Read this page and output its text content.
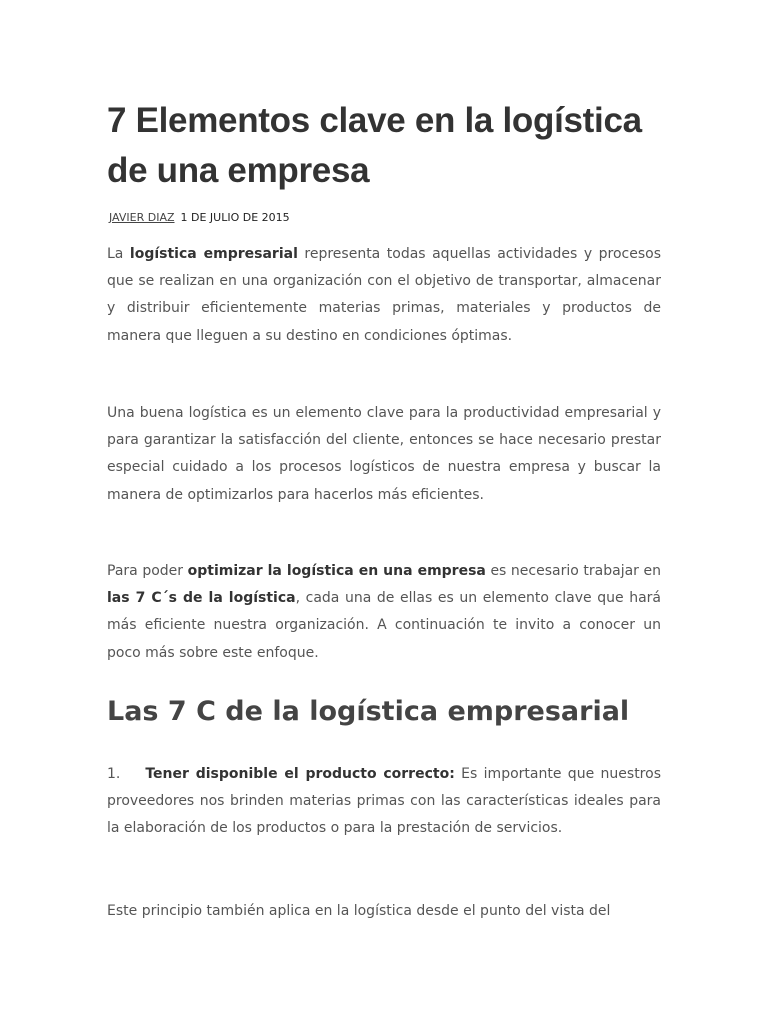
7 Elementos clave en la logística de una empresa
JAVIER DIAZ 1 DE JULIO DE 2015

La logística empresarial representa todas aquellas actividades y procesos que se realizan en una organización con el objetivo de transportar, almacenar y distribuir eficientemente materias primas, materiales y productos de manera que lleguen a su destino en condiciones óptimas.

Una buena logística es un elemento clave para la productividad empresarial y para garantizar la satisfacción del cliente, entonces se hace necesario prestar especial cuidado a los procesos logísticos de nuestra empresa y buscar la manera de optimizarlos para hacerlos más eficientes.

Para poder optimizar la logística en una empresa es necesario trabajar en las 7 C´s de la logística, cada una de ellas es un elemento clave que hará más eficiente nuestra organización. A continuación te invito a conocer un poco más sobre este enfoque.

Las 7 C de la logística empresarial

1. Tener disponible el producto correcto: Es importante que nuestros proveedores nos brinden materias primas con las características ideales para la elaboración de los productos o para la prestación de servicios.

Este principio también aplica en la logística desde el punto del vista del
